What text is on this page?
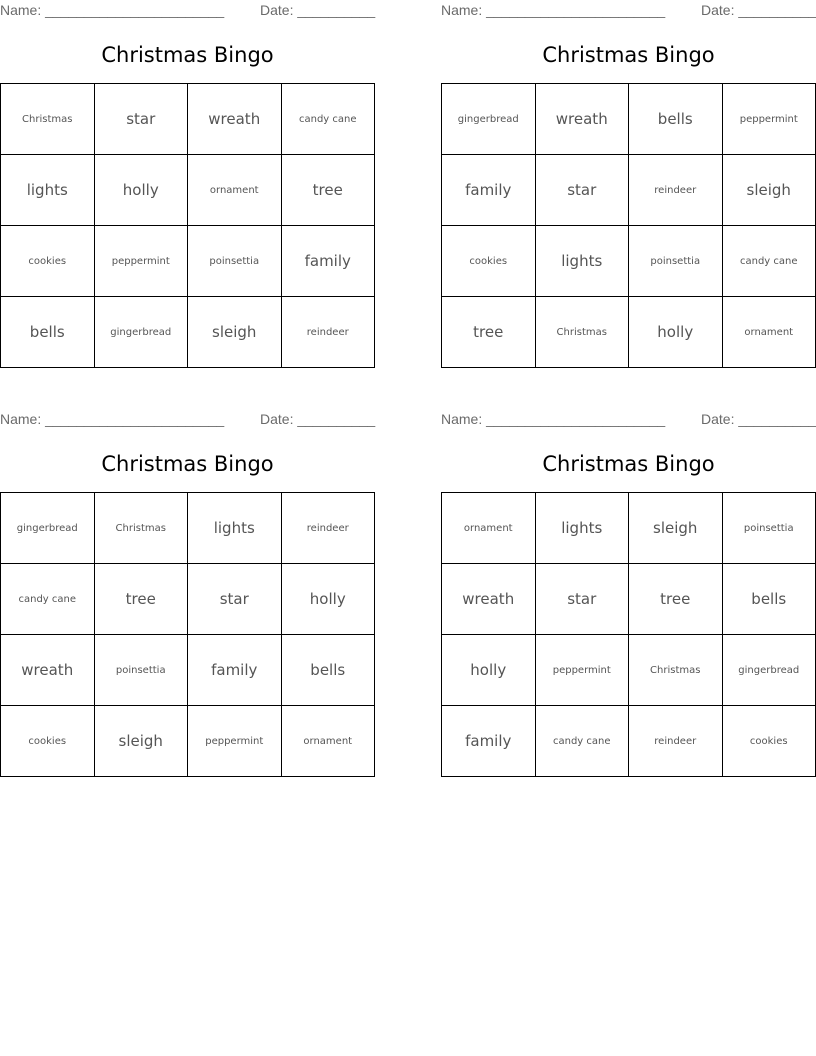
Name: _______________________	Date: __________
Christmas Bingo
Christmas	star	wreath	candy cane
lights	holly	ornament	tree
cookies	peppermint	poinsettia	family
bells	gingerbread	sleigh	reindeer
Name: _______________________	Date: __________
Christmas Bingo
gingerbread	wreath	bells	peppermint
family	star	reindeer	sleigh
cookies	lights	poinsettia	candy cane
tree	Christmas	holly	ornament
Name: _______________________	Date: __________
Christmas Bingo
gingerbread	Christmas	lights	reindeer
candy cane	tree	star	holly
wreath	poinsettia	family	bells
cookies	sleigh	peppermint	ornament
Name: _______________________	Date: __________
Christmas Bingo
ornament	lights	sleigh	poinsettia
wreath	star	tree	bells
holly	peppermint	Christmas	gingerbread
family	candy cane	reindeer	cookies
